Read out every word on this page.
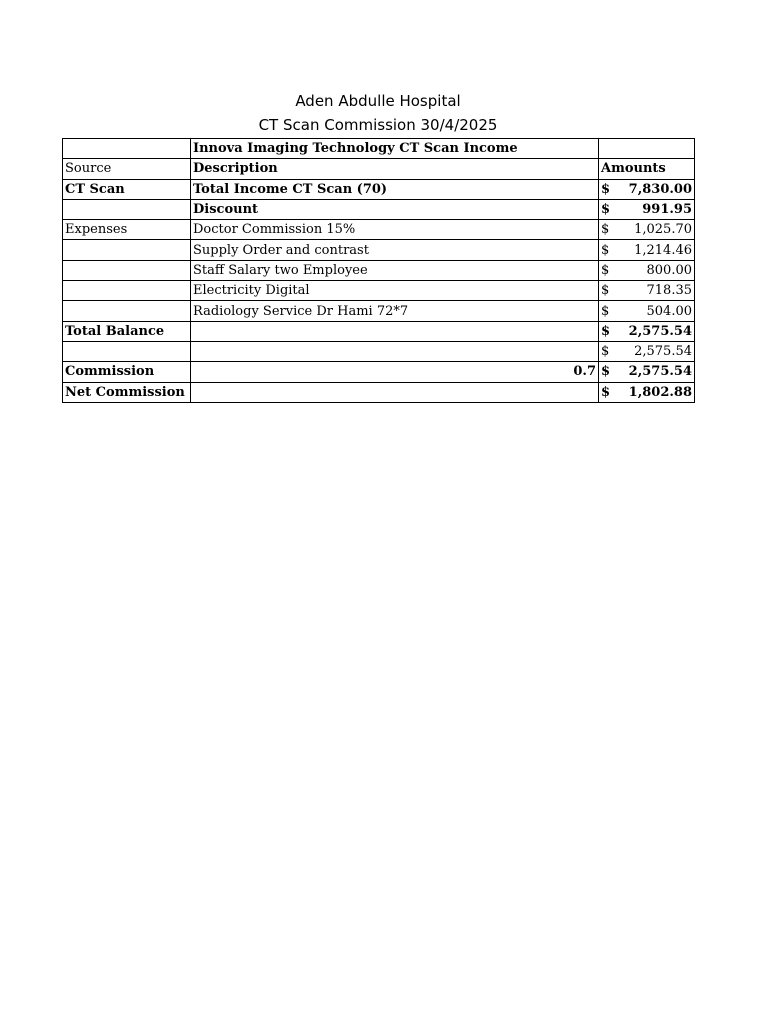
Aden Abdulle Hospital
CT Scan Commission 30/4/2025
	Innova Imaging Technology CT Scan Income	
Source	Description	Amounts
CT Scan	Total Income CT Scan (70)	$ 7,830.00

	Discount	$ 991.95

Expenses	Doctor Commission 15%	$ 1,025.70

	Supply Order and contrast	$ 1,214.46

	Staff Salary two Employee	$ 800.00

	Electricity Digital	$ 718.35

	Radiology Service Dr Hami 72*7	$ 504.00

Total Balance		$ 2,575.54

		$ 2,575.54

Commission	0.7	$ 2,575.54

Net Commission		$ 1,802.88
